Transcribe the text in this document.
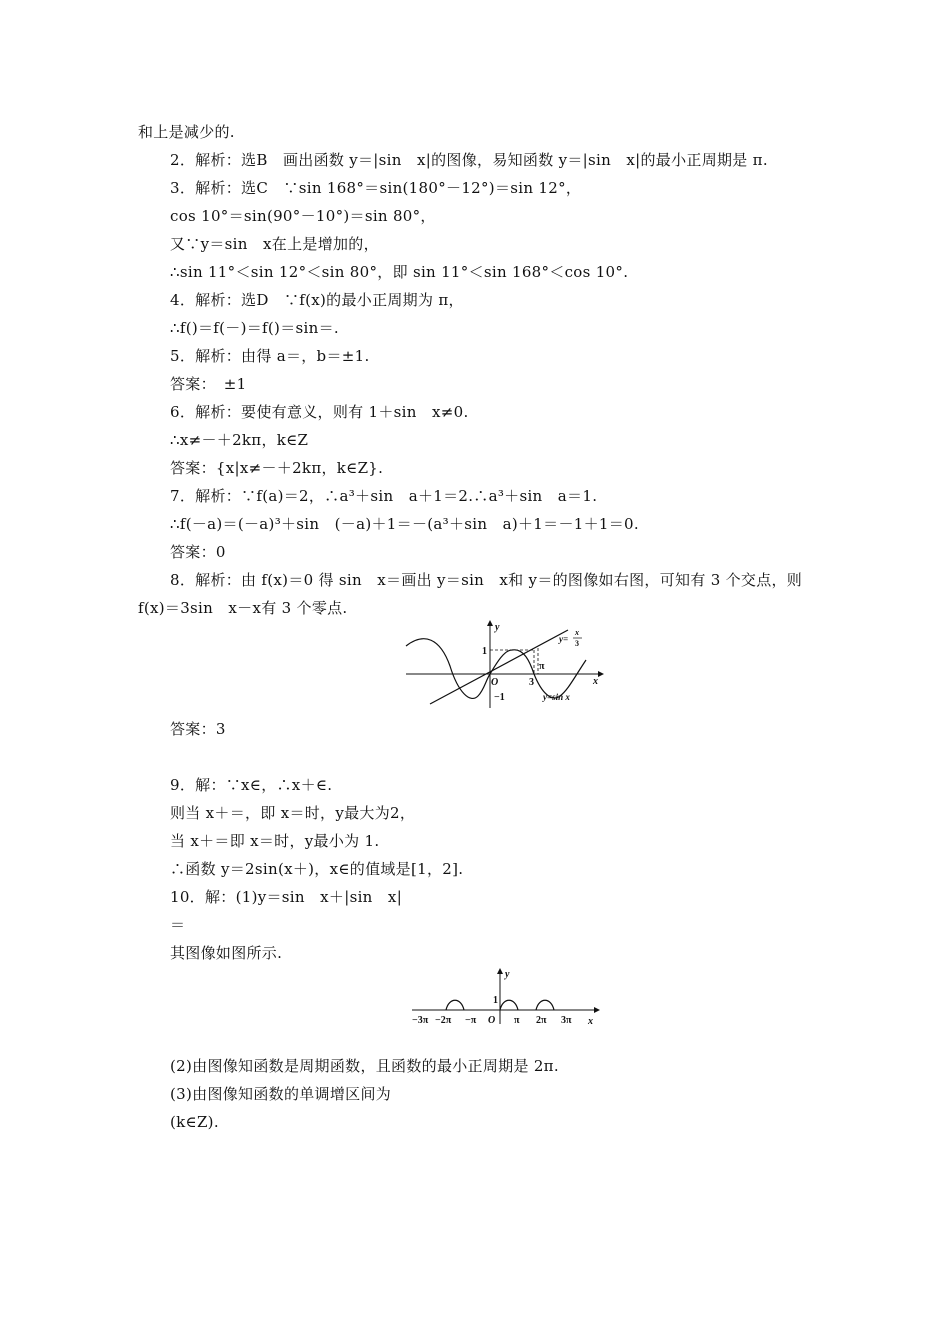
和上是减少的.
2．解析：选B　画出函数 y＝|sin　x|的图像，易知函数 y＝|sin　x|的最小正周期是 π.
3．解析：选C　∵sin 168°＝sin(180°－12°)＝sin 12°，
cos 10°＝sin(90°－10°)＝sin 80°，
又∵y＝sin　x在上是增加的，
∴sin 11°＜sin 12°＜sin 80°，即 sin 11°＜sin 168°＜cos 10°.
4．解析：选D　∵f(x)的最小正周期为 π，
∴f()＝f(－)＝f()＝sin＝.
5．解析：由得 a＝，b＝±1.
答案：　±1
6．解析：要使有意义，则有 1＋sin　x≠0.
∴x≠－＋2kπ，k∈Z
答案：{x|x≠－＋2kπ，k∈Z}.
7．解析：∵f(a)＝2，∴a³＋sin　a＋1＝2.∴a³＋sin　a＝1.
∴f(－a)＝(－a)³＋sin　(－a)＋1＝－(a³＋sin　a)＋1＝－1＋1＝0.
答案：0
8．解析：由 f(x)＝0 得 sin　x＝画出 y＝sin　x和 y＝的图像如右图，可知有 3 个交点，则
f(x)＝3sin　x－x有 3 个零点.
y
x
O
1
−1
3
π
y=
x
3
y=sin x
答案：3
9．解：∵x∈，∴x＋∈.
则当 x＋＝，即 x＝时，y最大为2，
当 x＋＝即 x＝时，y最小为 1.
∴函数 y＝2sin(x＋)，x∈的值域是[1，2].
10．解：(1)y＝sin　x＋|sin　x|
＝
其图像如图所示.
y
x
O
1
−3π −2π −π	π 2π 3π
(2)由图像知函数是周期函数，且函数的最小正周期是 2π.
(3)由图像知函数的单调增区间为
(k∈Z).
